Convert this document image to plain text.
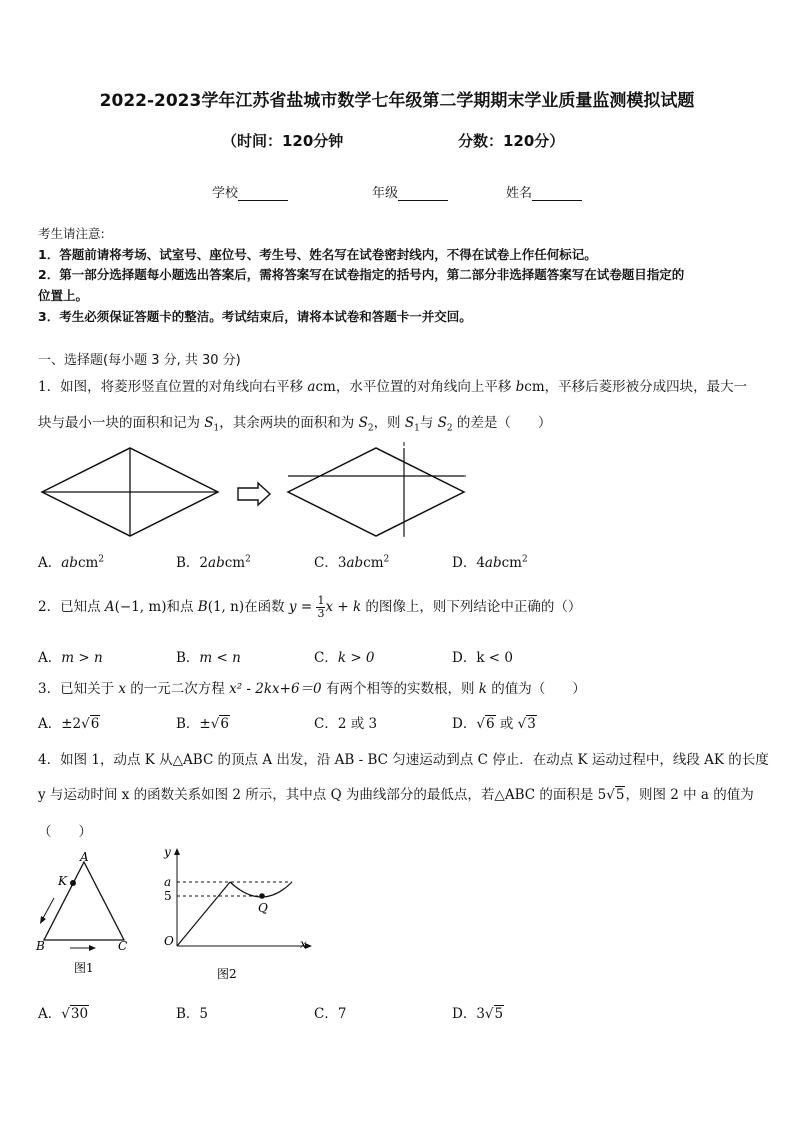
2022-2023学年江苏省盐城市数学七年级第二学期期末学业质量监测模拟试题
（时间：120分钟	分数：120分）
学校	年级	姓名
考生请注意:
1．答题前请将考场、试室号、座位号、考生号、姓名写在试卷密封线内，不得在试卷上作任何标记。
2．第一部分选择题每小题选出答案后，需将答案写在试卷指定的括号内，第二部分非选择题答案写在试卷题目指定的
位置上。
3．考生必须保证答题卡的整洁。考试结束后，请将本试卷和答题卡一并交回。
一、选择题(每小题 3 分, 共 30 分)
1．如图，将菱形竖直位置的对角线向右平移 acm，水平位置的对角线向上平移 bcm，平移后菱形被分成四块，最大一
块与最小一块的面积和记为 $S_1$，其余两块的面积和为 $S_2$，则 $S_1$与 $S_2$ 的差是（　　）
A．abcm$^2$	B．2abcm$^2$	C．3abcm$^2$	D．4abcm$^2$
2．已知点 A(−1, m)和点 B(1, n)在函数 $y = \frac{1}{3}$ x + k 的图像上，则下列结论中正确的（）
A．m > n	B．m < n	C．k > 0	D．k < 0
3．已知关于 x 的一元二次方程 x² - 2kx+6＝0 有两个相等的实数根，则 k 的值为（　　）
A．±2√6	B．±√6	C．2 或 3	D．√6 或 √3
4．如图 1，动点 K 从△ABC 的顶点 A 出发，沿 AB - BC 匀速运动到点 C 停止．在动点 K 运动过程中，线段 AK 的长度
y 与运动时间 x 的函数关系如图 2 所示，其中点 Q 为曲线部分的最低点，若△ABC 的面积是 5√5，则图 2 中 a 的值为
（　　）
A
K
B	C
图1
y
a
5
Q
O	x
图2
A．√30	B．5	C．7	D．3√5
